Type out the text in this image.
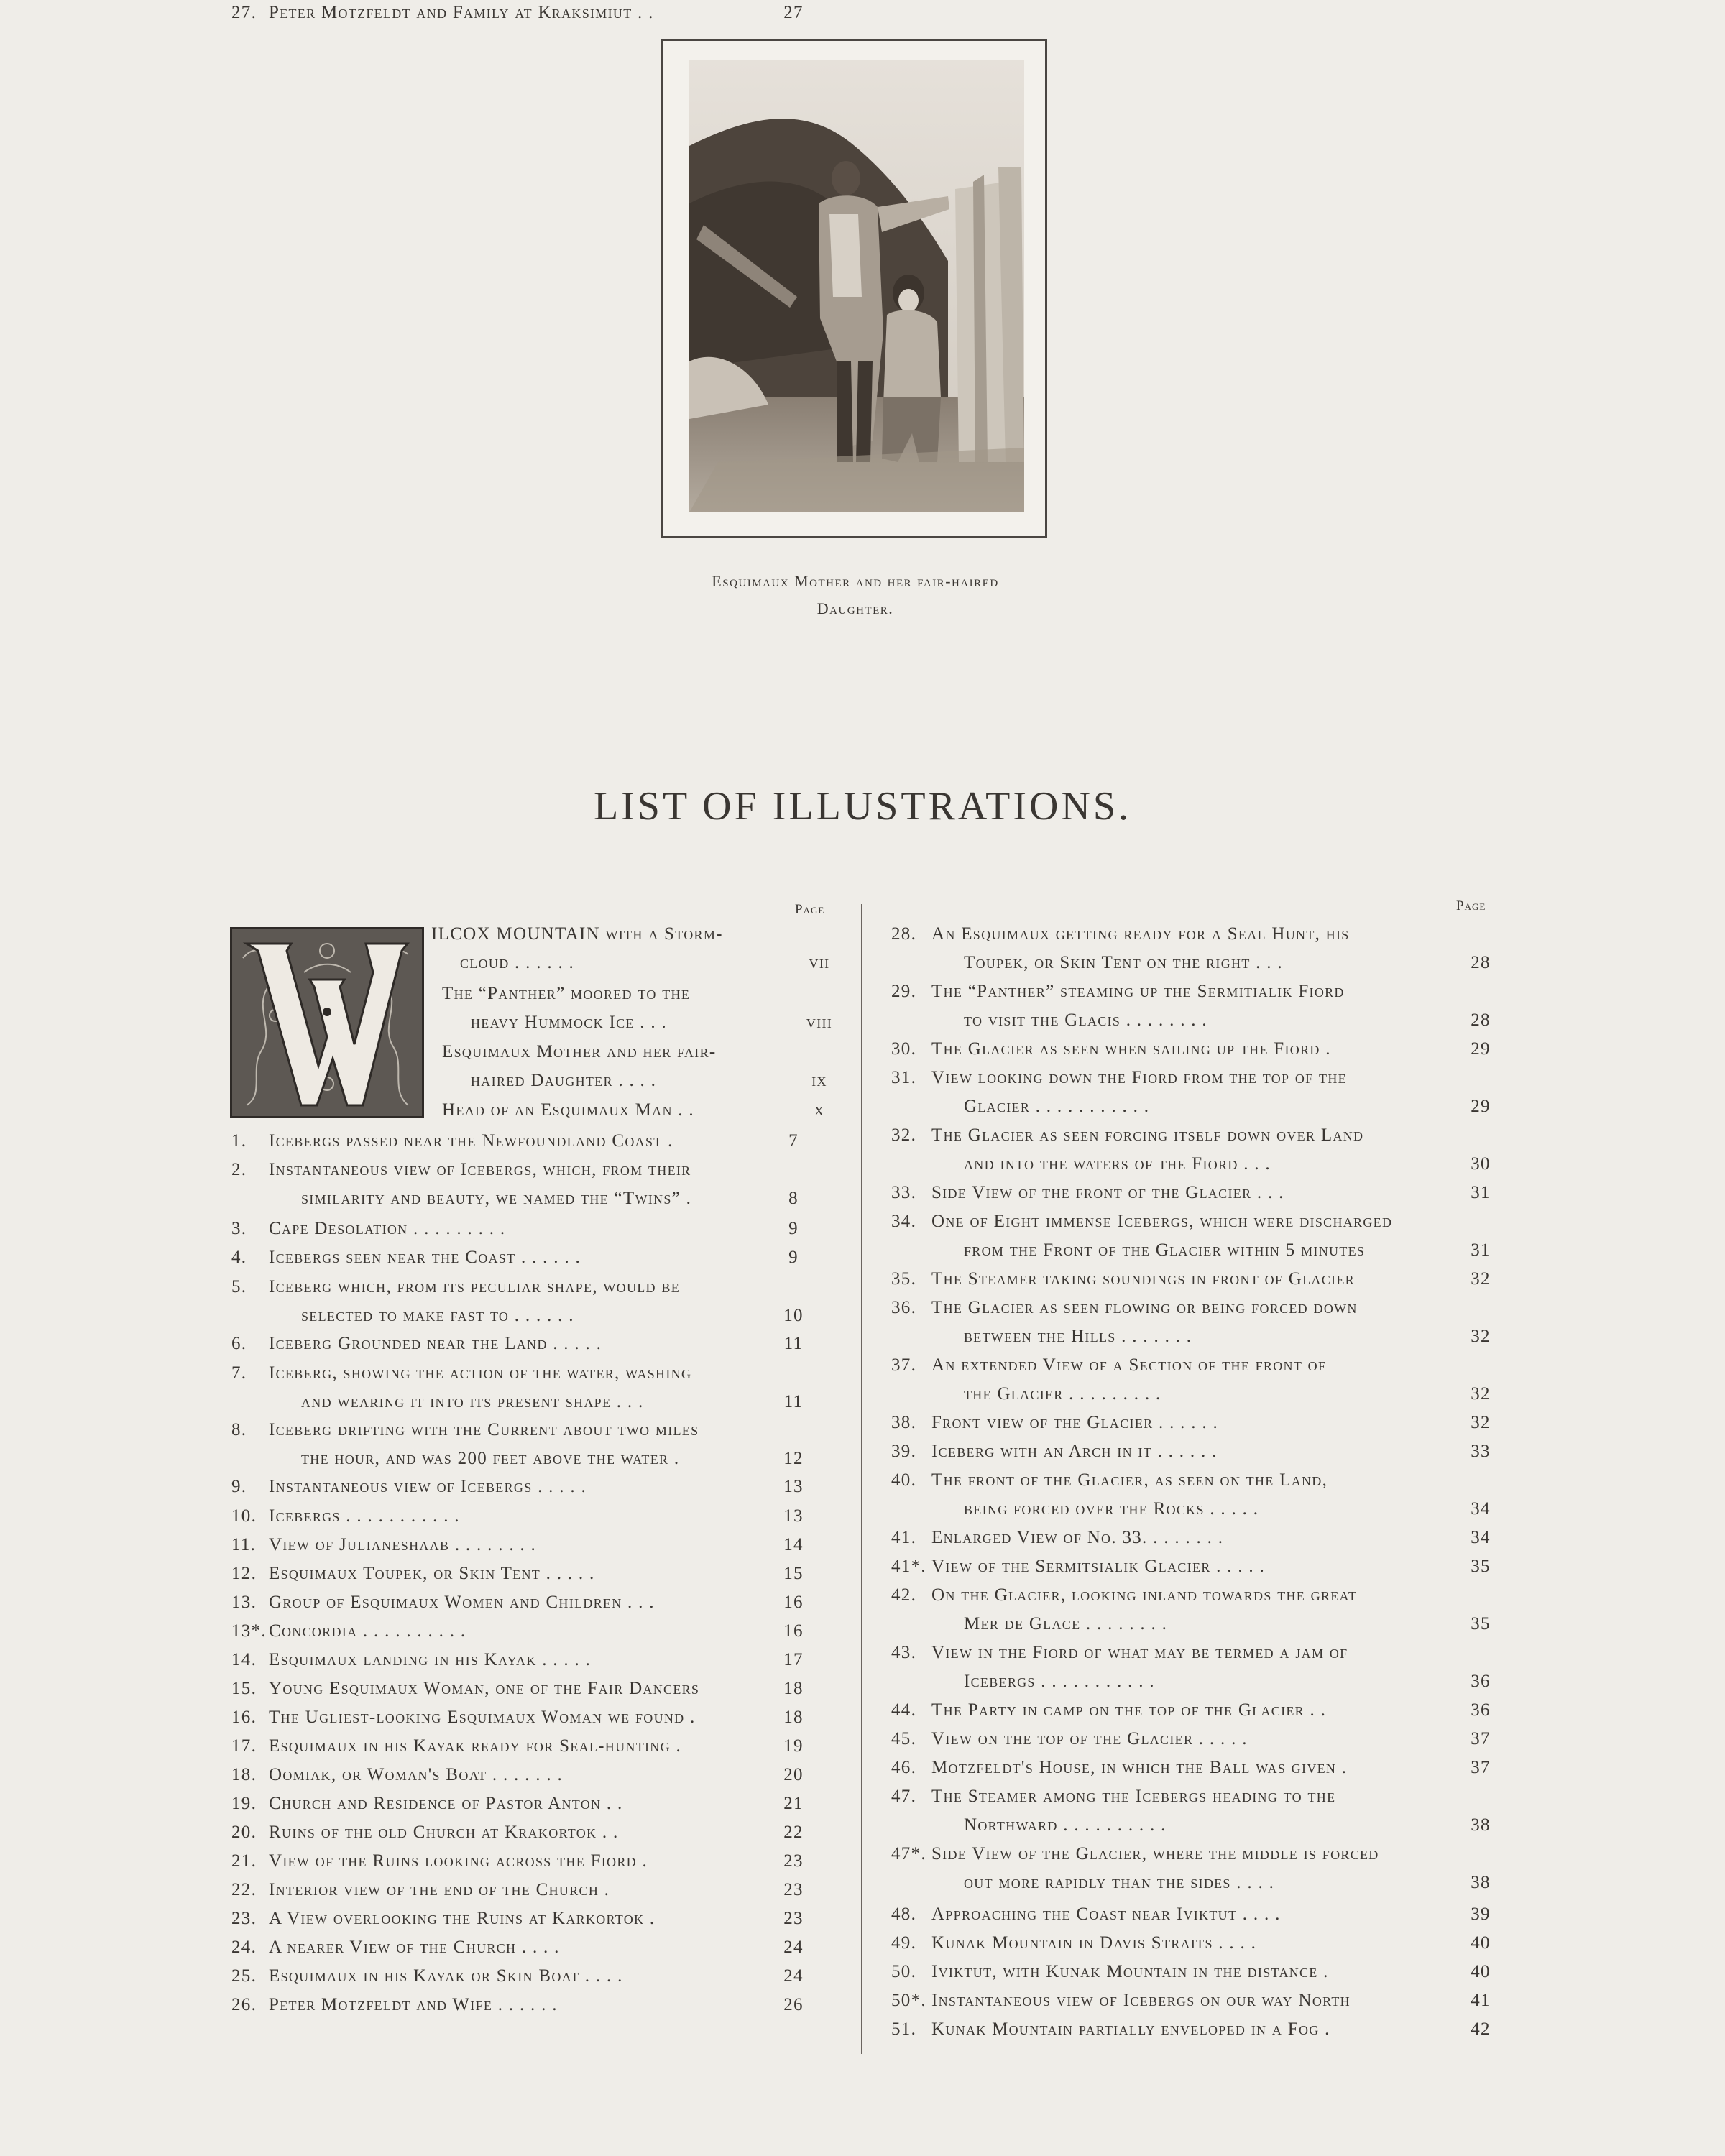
Esquimaux Mother and her fair-haired
Daughter.
LIST OF ILLUSTRATIONS.
Page	Page
ILCOX MOUNTAIN with a Storm-
cloud . . . . . .	vii
The “Panther” moored to the
heavy Hummock Ice . . .	viii
Esquimaux Mother and her fair-
haired Daughter . . . .	ix
Head of an Esquimaux Man . .	x
1. Icebergs passed near the Newfoundland Coast .	7
2. Instantaneous view of Icebergs, which, from their
similarity and beauty, we named the “Twins” .	8
3. Cape Desolation . . . . . . . . .	9
4. Icebergs seen near the Coast . . . . . .	9
5. Iceberg which, from its peculiar shape, would be
selected to make fast to . . . . . .	10
6. Iceberg Grounded near the Land . . . . .	11
7. Iceberg, showing the action of the water, washing
and wearing it into its present shape . . .	11
8. Iceberg drifting with the Current about two miles
the hour, and was 200 feet above the water .	12
9. Instantaneous view of Icebergs . . . . .	13
10. Icebergs . . . . . . . . . . .	13
11. View of Julianeshaab . . . . . . . .	14
12. Esquimaux Toupek, or Skin Tent . . . . .	15
13. Group of Esquimaux Women and Children . . .	16
13*. Concordia . . . . . . . . . .	16
14. Esquimaux landing in his Kayak . . . . .	17
15. Young Esquimaux Woman, one of the Fair Dancers	18
16. The Ugliest-looking Esquimaux Woman we found .	18
17. Esquimaux in his Kayak ready for Seal-hunting .	19
18. Oomiak, or Woman's Boat . . . . . . .	20
19. Church and Residence of Pastor Anton . .	21
20. Ruins of the old Church at Krakortok . .	22
21. View of the Ruins looking across the Fiord .	23
22. Interior view of the end of the Church .	23
23. A View overlooking the Ruins at Karkortok .	23
24. A nearer View of the Church . . . .	24
25. Esquimaux in his Kayak or Skin Boat . . . .	24
26. Peter Motzfeldt and Wife . . . . . .	26
27. Peter Motzfeldt and Family at Kraksimiut . .	27
28. An Esquimaux getting ready for a Seal Hunt, his
Toupek, or Skin Tent on the right . . .	28
29. The “Panther” steaming up the Sermitialik Fiord
to visit the Glacis . . . . . . . .	28
30. The Glacier as seen when sailing up the Fiord .	29
31. View looking down the Fiord from the top of the
Glacier . . . . . . . . . . .	29
32. The Glacier as seen forcing itself down over Land
and into the waters of the Fiord . . .	30
33. Side View of the front of the Glacier . . .	31
34. One of Eight immense Icebergs, which were discharged
from the Front of the Glacier within 5 minutes	31
35. The Steamer taking soundings in front of Glacier	32
36. The Glacier as seen flowing or being forced down
between the Hills . . . . . . .	32
37. An extended View of a Section of the front of
the Glacier . . . . . . . . .	32
38. Front view of the Glacier . . . . . .	32
39. Iceberg with an Arch in it . . . . . .	33
40. The front of the Glacier, as seen on the Land,
being forced over the Rocks . . . . .	34
41. Enlarged View of No. 33. . . . . . . .	34
41*. View of the Sermitsialik Glacier . . . . .	35
42. On the Glacier, looking inland towards the great
Mer de Glace . . . . . . . .	35
43. View in the Fiord of what may be termed a jam of
Icebergs . . . . . . . . . . .	36
44. The Party in camp on the top of the Glacier . .	36
45. View on the top of the Glacier . . . . .	37
46. Motzfeldt's House, in which the Ball was given .	37
47. The Steamer among the Icebergs heading to the
Northward . . . . . . . . . .	38
47*. Side View of the Glacier, where the middle is forced
out more rapidly than the sides . . . .	38
48. Approaching the Coast near Iviktut . . . .	39
49. Kunak Mountain in Davis Straits . . . .	40
50. Iviktut, with Kunak Mountain in the distance .	40
50*. Instantaneous view of Icebergs on our way North	41
51. Kunak Mountain partially enveloped in a Fog .	42
